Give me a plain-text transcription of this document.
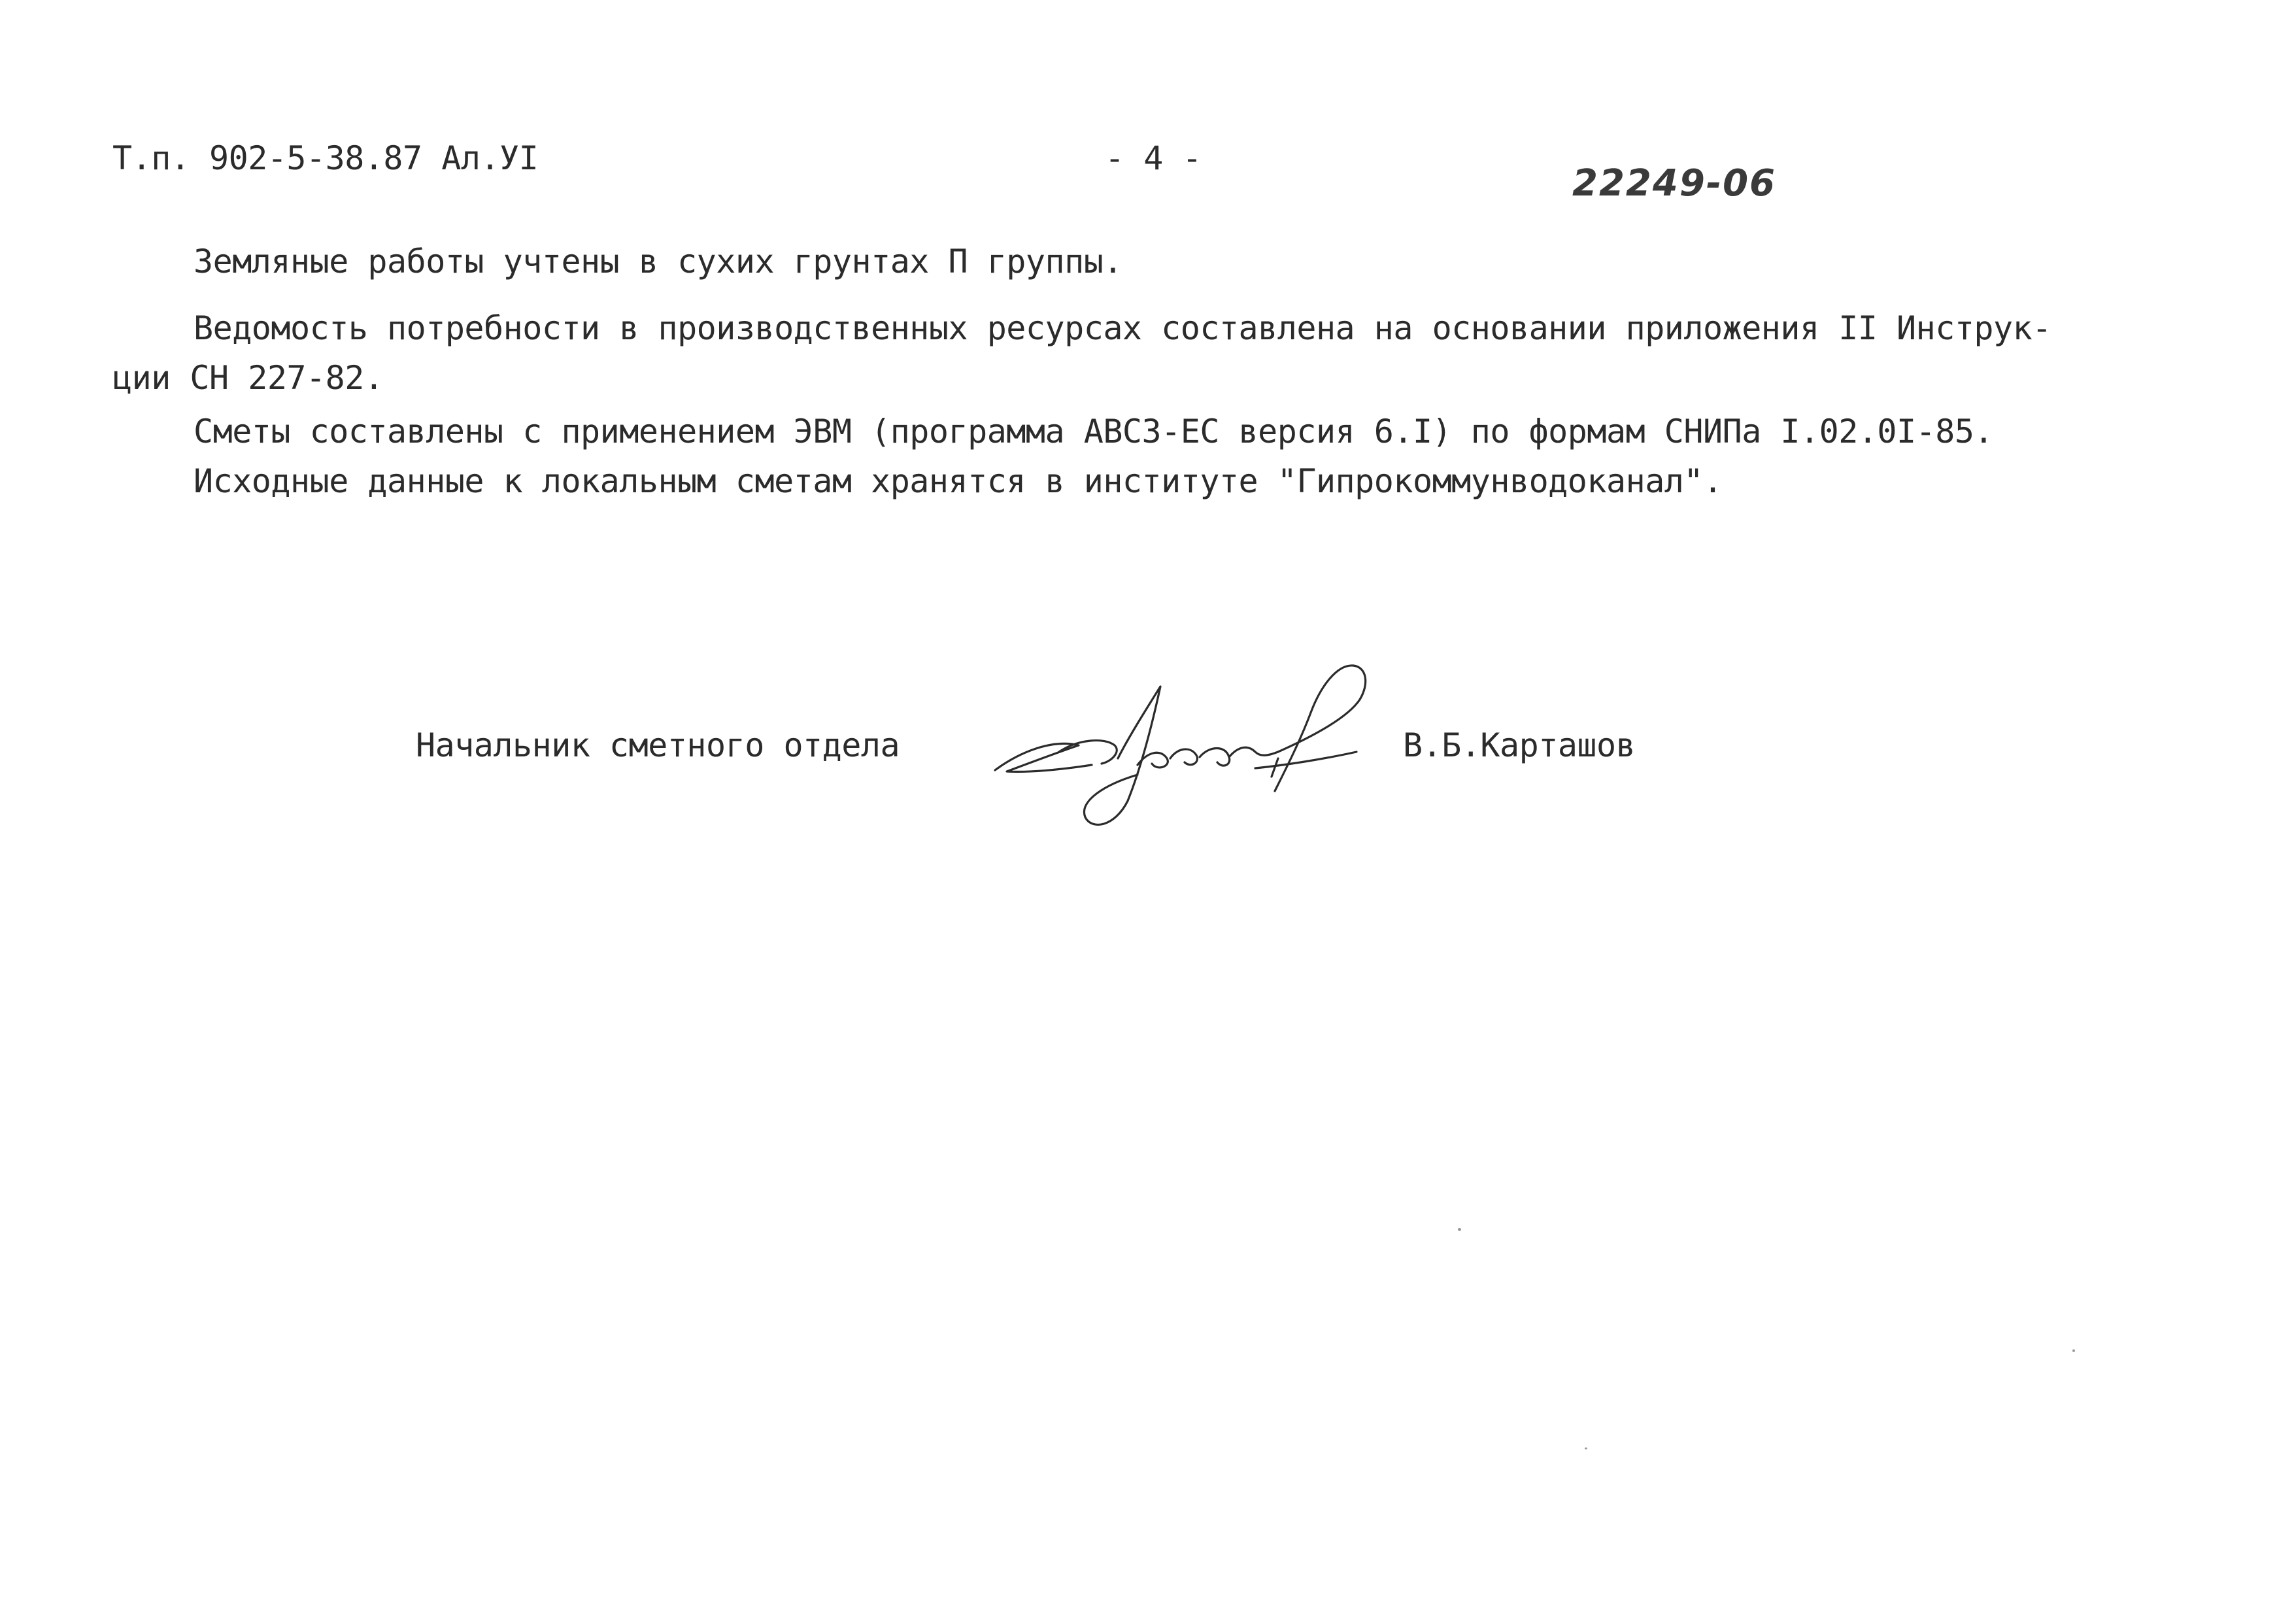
Т.п. 902-5-38.87 Ал.УI	- 4 -
22249-06
Земляные работы учтены в сухих грунтах П группы.
Ведомость потребности в производственных ресурсах составлена на основании приложения II Инструк-
ции СН 227-82.
Сметы составлены с применением ЭВМ (программа АВСЗ-ЕС версия 6.I) по формам СНИПа I.02.0I-85.
Исходные данные к локальным сметам хранятся в институте "Гипрокоммунводоканал".
Начальник сметного отдела	В.Б.Карташов
